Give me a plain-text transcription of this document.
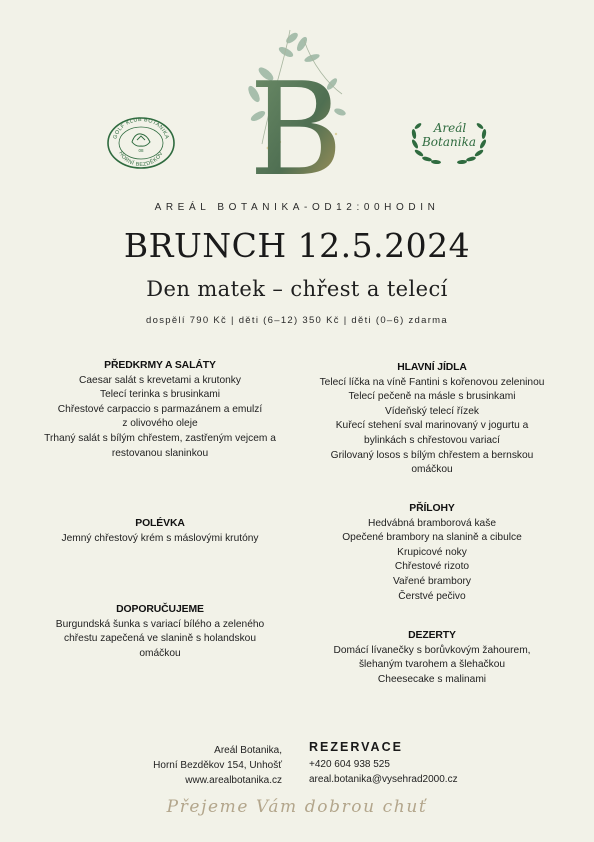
GOLF KLUB BOTANIKA
HORNÍ BEZDĚKOV
08 B	Areál
Botanika
AREÁL BOTANIKA-OD12:00HODIN
BRUNCH 12.5.2024
Den matek – chřest a telecí
dospělí 790 Kč | děti (6–12) 350 Kč | děti (0–6) zdarma
PŘEDKRMY A SALÁTY
Caesar salát s krevetami a krutonky
Telecí terinka s brusinkami
Chřestové carpaccio s parmazánem a emulzí
z olivového oleje
Trhaný salát s bílým chřestem, zastřeným vejcem a
restovanou slaninkou
POLÉVKA
Jemný chřestový krém s máslovými krutóny
DOPORUČUJEME
Burgundská šunka s variací bílého a zeleného
chřestu zapečená ve slanině s holandskou
omáčkou
HLAVNÍ JÍDLA
Telecí líčka na víně Fantini s kořenovou zeleninou
Telecí pečeně na másle s brusinkami
Vídeňský telecí řízek
Kuřecí stehení sval marinovaný v jogurtu a
bylinkách s chřestovou variací
Grilovaný losos s bílým chřestem a bernskou
omáčkou
PŘÍLOHY
Hedvábná bramborová kaše
Opečené brambory na slanině a cibulce
Krupicové noky
Chřestové rizoto
Vařené brambory
Čerstvé pečivo
DEZERTY
Domácí lívanečky s borůvkovým žahourem,
šlehaným tvarohem a šlehačkou
Cheesecake s malinami
Areál Botanika,
Horní Bezděkov 154, Unhošť
www.arealbotanika.cz
REZERVACE
+420 604 938 525
areal.botanika@vysehrad2000.cz
Přejeme Vám dobrou chuť
